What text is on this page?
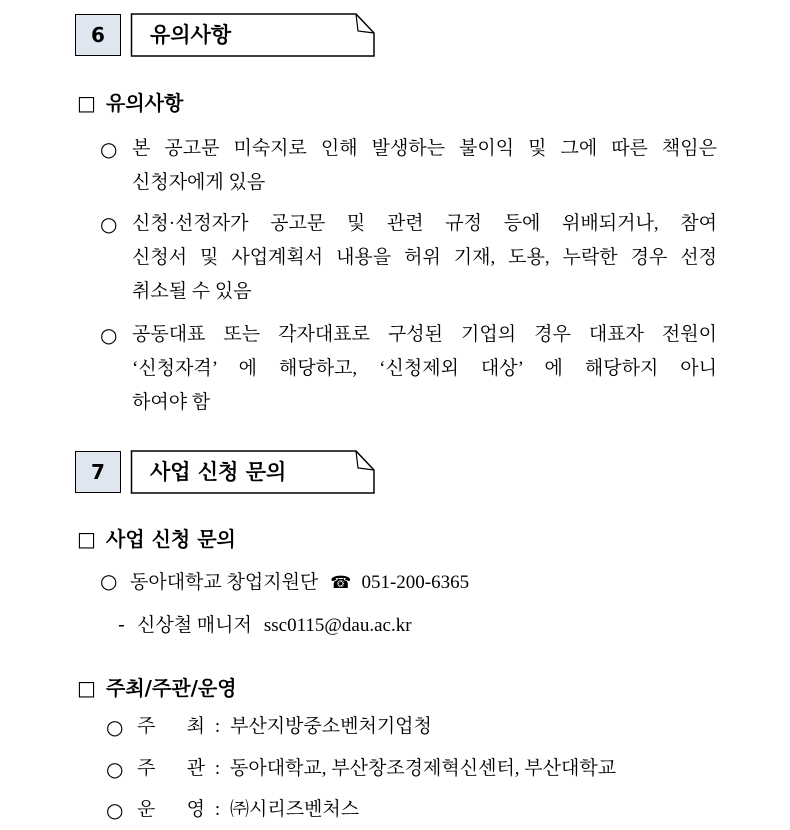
6 유의사항
□ 유의사항
○ 본 공고문 미숙지로 인해 발생하는 불이익 및 그에 따른 책임은
신청자에게 있음
○ 신청·선정자가 공고문 및 관련 규정 등에 위배되거나, 참여
신청서 및 사업계획서 내용을 허위 기재, 도용, 누락한 경우 선정
취소될 수 있음
○ 공동대표 또는 각자대표로 구성된 기업의 경우 대표자 전원이
‘신청자격’ 에 해당하고, ‘신청제외 대상’ 에 해당하지 아니
하여야 함
7 사업 신청 문의
□ 사업 신청 문의
○ 동아대학교 창업지원단 ☎ 051-200-6365
- 신상철 매니저 ssc0115@dau.ac.kr
□ 주최/주관/운영
○ 주 최 : 부산지방중소벤처기업청
○ 주 관 : 동아대학교, 부산창조경제혁신센터, 부산대학교
○ 운 영 : ㈜시리즈벤처스
